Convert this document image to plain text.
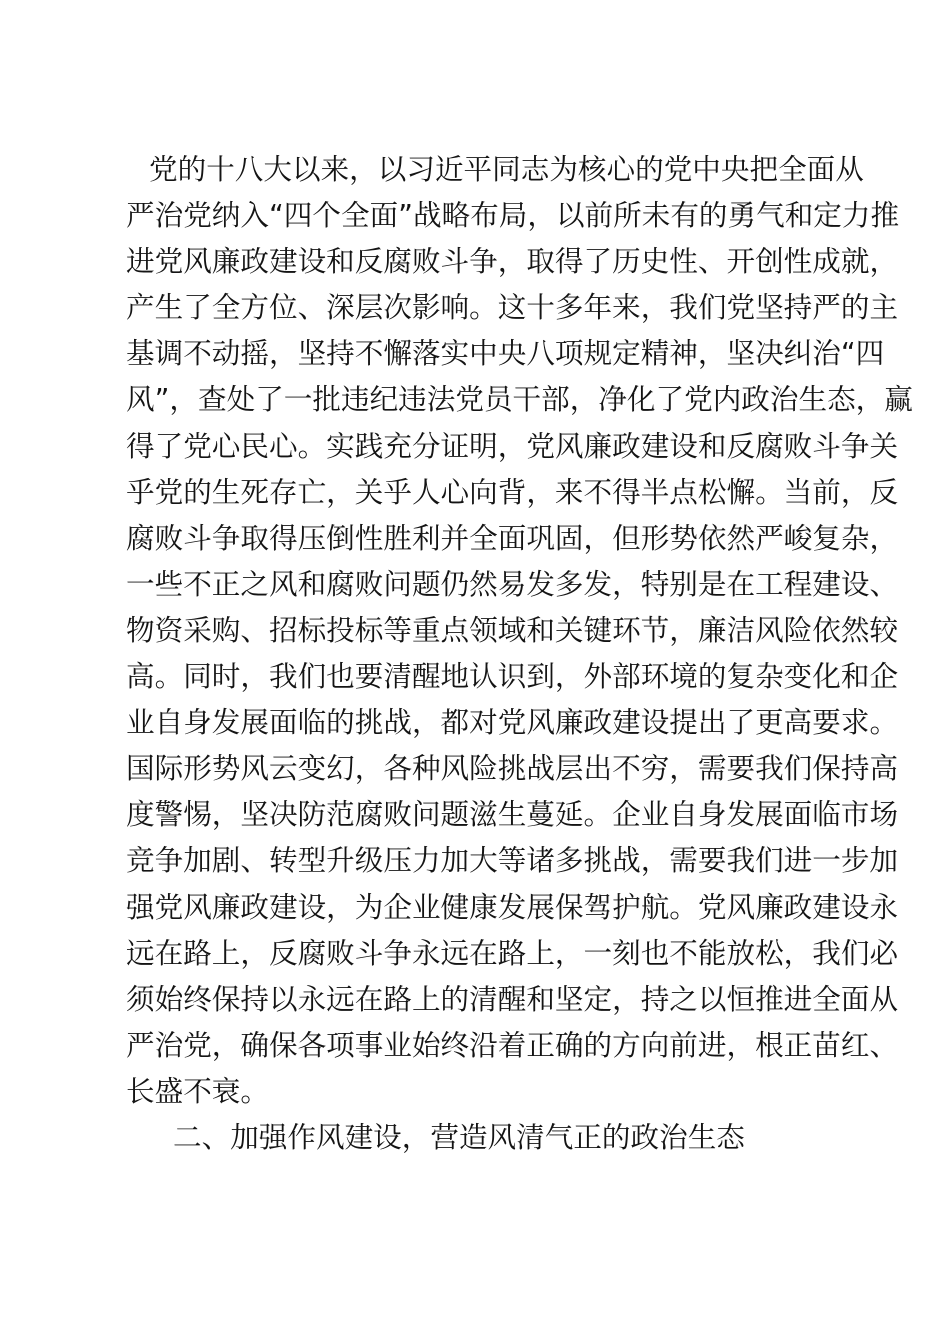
党的十八大以来，以习近平同志为核心的党中央把全面从
严治党纳入“四个全面”战略布局，以前所未有的勇气和定力推
进党风廉政建设和反腐败斗争，取得了历史性、开创性成就，
产生了全方位、深层次影响。这十多年来，我们党坚持严的主
基调不动摇，坚持不懈落实中央八项规定精神，坚决纠治“四
风”，查处了一批违纪违法党员干部，净化了党内政治生态，赢
得了党心民心。实践充分证明，党风廉政建设和反腐败斗争关
乎党的生死存亡，关乎人心向背，来不得半点松懈。当前，反
腐败斗争取得压倒性胜利并全面巩固，但形势依然严峻复杂，
一些不正之风和腐败问题仍然易发多发，特别是在工程建设、
物资采购、招标投标等重点领域和关键环节，廉洁风险依然较
高。同时，我们也要清醒地认识到，外部环境的复杂变化和企
业自身发展面临的挑战，都对党风廉政建设提出了更高要求。
国际形势风云变幻，各种风险挑战层出不穷，需要我们保持高
度警惕，坚决防范腐败问题滋生蔓延。企业自身发展面临市场
竞争加剧、转型升级压力加大等诸多挑战，需要我们进一步加
强党风廉政建设，为企业健康发展保驾护航。党风廉政建设永
远在路上，反腐败斗争永远在路上，一刻也不能放松，我们必
须始终保持以永远在路上的清醒和坚定，持之以恒推进全面从
严治党，确保各项事业始终沿着正确的方向前进，根正苗红、
长盛不衰。
二、加强作风建设，营造风清气正的政治生态
